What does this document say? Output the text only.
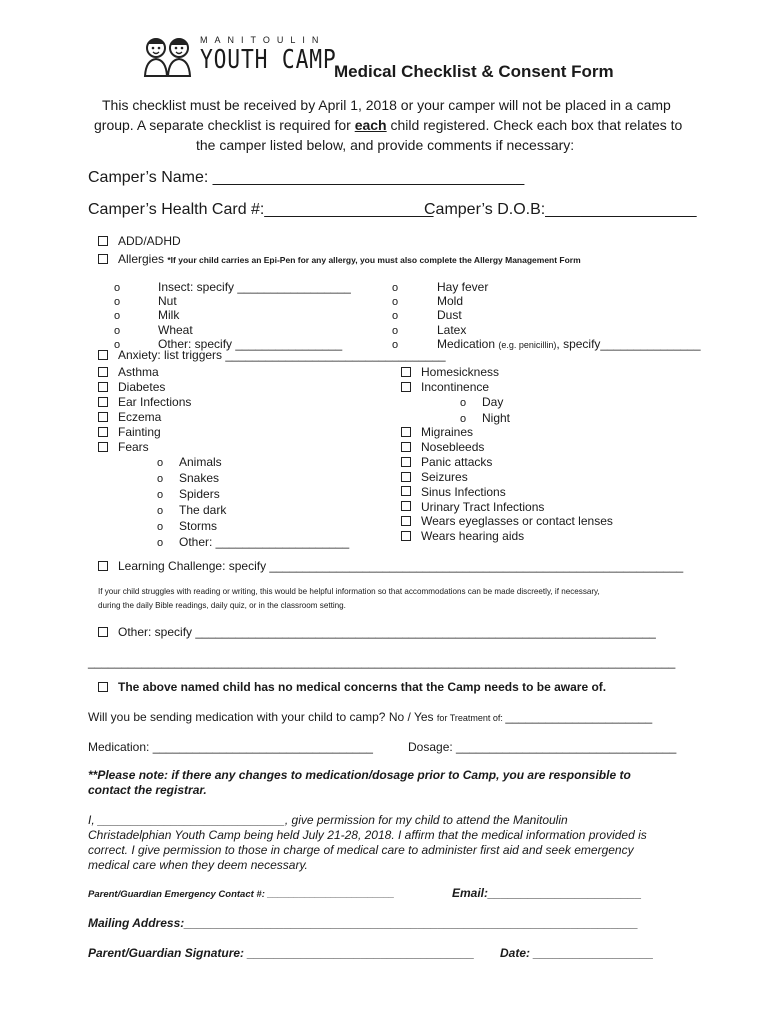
MANITOULIN
YOUTH CAMP
Medical Checklist & Consent Form
This checklist must be received by April 1, 2018 or your camper will not be placed in a camp
group. A separate checklist is required for each child registered. Check each box that relates to
the camper listed below, and provide comments if necessary:
Camper’s Name: ___________________________________
Camper’s Health Card #:___________________
Camper’s D.O.B:_________________
ADD/ADHD
Allergies *If your child carries an Epi-Pen for any allergy, you must also complete the Allergy Management Form
o	Insect: specify _________________
o	Nut
o	Milk
o	Wheat
o	Other: specify ________________
o	Hay fever
o	Mold
o	Dust
o	Latex
o	Medication (e.g. penicillin), specify_______________
Anxiety: list triggers _________________________________
Asthma
Diabetes
Ear Infections
Eczema
Fainting
Fears
o Animals
o Snakes
o Spiders
o The dark
o Storms
o Other: ____________________
Homesickness
Incontinence
o Day
o Night
Migraines
Nosebleeds
Panic attacks
Seizures
Sinus Infections
Urinary Tract Infections
Wears eyeglasses or contact lenses
Wears hearing aids
Learning Challenge: specify ______________________________________________________________
If your child struggles with reading or writing, this would be helpful information so that accommodations can be made discreetly, if necessary,
during the daily Bible readings, daily quiz, or in the classroom setting.
Other: specify _____________________________________________________________________
________________________________________________________________________________________
The above named child has no medical concerns that the Camp needs to be aware of.
Will you be sending medication with your child to camp? No / Yes for Treatment of: ______________________
Medication: _________________________________	Dosage: _________________________________
**Please note: if there any changes to medication/dosage prior to Camp, you are responsible to
contact the registrar.
I, ____________________________, give permission for my child to attend the Manitoulin
Christadelphian Youth Camp being held July 21-28, 2018. I affirm that the medical information provided is
correct. I give permission to those in charge of medical care to administer first aid and seek emergency
medical care when they deem necessary.
Parent/Guardian Emergency Contact #: ________________________	Email:_______________________
Mailing Address:____________________________________________________________________
Parent/Guardian Signature: __________________________________ Date: __________________
